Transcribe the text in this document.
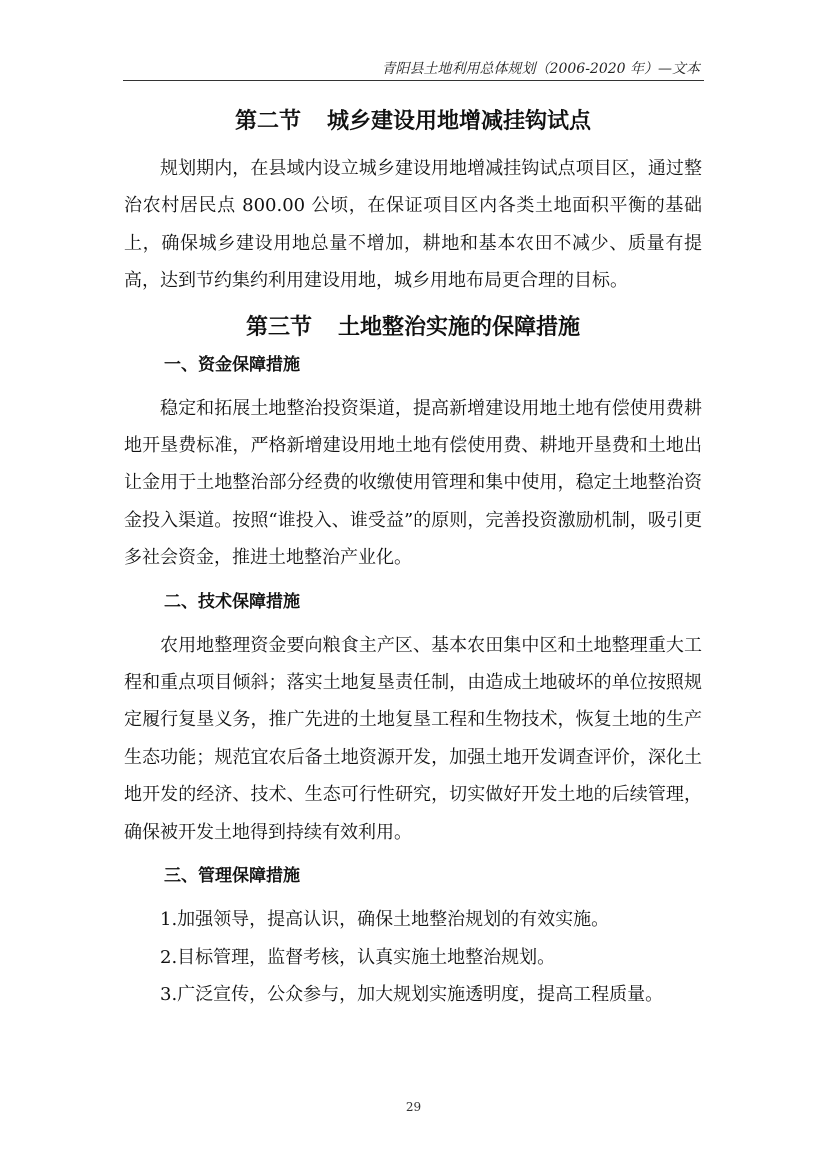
青阳县土地利用总体规划（2006-2020 年）—文本
第二节 城乡建设用地增减挂钩试点

规划期内，在县域内设立城乡建设用地增减挂钩试点项目区，通过整治农村居民点 800.00 公顷，在保证项目区内各类土地面积平衡的基础上，确保城乡建设用地总量不增加，耕地和基本农田不减少、质量有提高，达到节约集约利用建设用地，城乡用地布局更合理的目标。

第三节 土地整治实施的保障措施
一、资金保障措施

稳定和拓展土地整治投资渠道，提高新增建设用地土地有偿使用费耕地开垦费标准，严格新增建设用地土地有偿使用费、耕地开垦费和土地出让金用于土地整治部分经费的收缴使用管理和集中使用，稳定土地整治资金投入渠道。按照“谁投入、谁受益”的原则，完善投资激励机制，吸引更多社会资金，推进土地整治产业化。

二、技术保障措施

农用地整理资金要向粮食主产区、基本农田集中区和土地整理重大工程和重点项目倾斜；落实土地复垦责任制，由造成土地破坏的单位按照规定履行复垦义务，推广先进的土地复垦工程和生物技术，恢复土地的生产生态功能；规范宜农后备土地资源开发，加强土地开发调查评价，深化土地开发的经济、技术、生态可行性研究，切实做好开发土地的后续管理，确保被开发土地得到持续有效利用。

三、管理保障措施

1.加强领导，提高认识，确保土地整治规划的有效实施。

2.目标管理，监督考核，认真实施土地整治规划。

3.广泛宣传，公众参与，加大规划实施透明度，提高工程质量。

29
